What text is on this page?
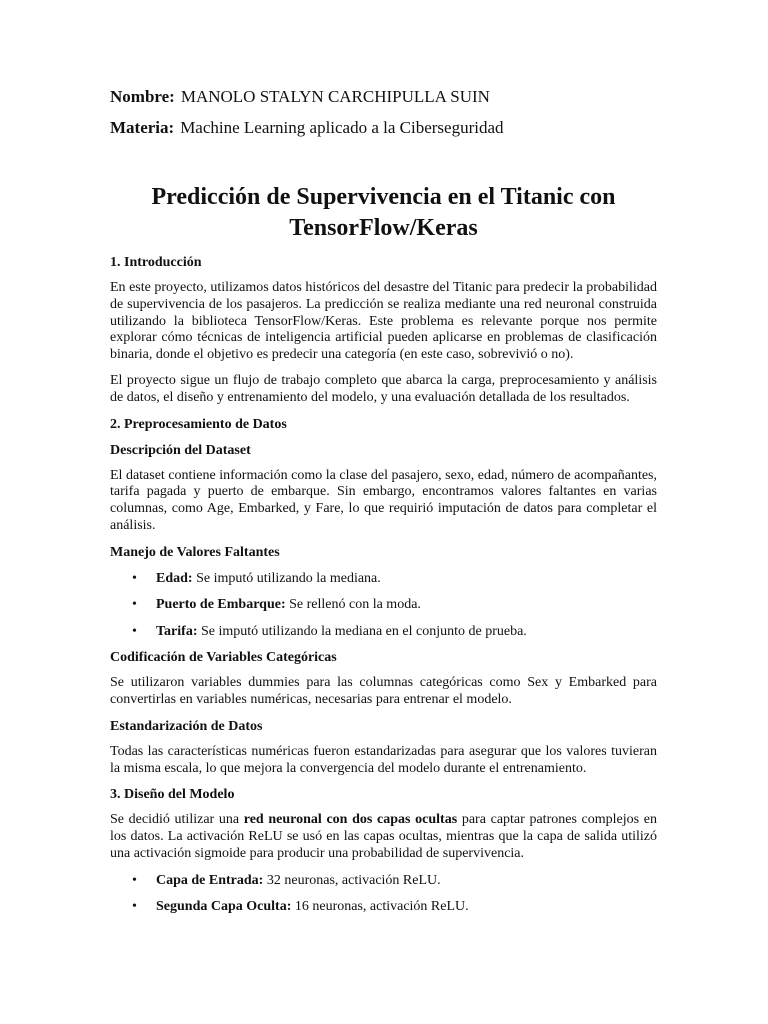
Nombre: MANOLO STALYN CARCHIPULLA SUIN
Materia: Machine Learning aplicado a la Ciberseguridad
Predicción de Supervivencia en el Titanic con TensorFlow/Keras
1. Introducción

En este proyecto, utilizamos datos históricos del desastre del Titanic para predecir la probabilidad de supervivencia de los pasajeros. La predicción se realiza mediante una red neuronal construida utilizando la biblioteca TensorFlow/Keras. Este problema es relevante porque nos permite explorar cómo técnicas de inteligencia artificial pueden aplicarse en problemas de clasificación binaria, donde el objetivo es predecir una categoría (en este caso, sobrevivió o no).

El proyecto sigue un flujo de trabajo completo que abarca la carga, preprocesamiento y análisis de datos, el diseño y entrenamiento del modelo, y una evaluación detallada de los resultados.

2. Preprocesamiento de Datos
Descripción del Dataset

El dataset contiene información como la clase del pasajero, sexo, edad, número de acompañantes, tarifa pagada y puerto de embarque. Sin embargo, encontramos valores faltantes en varias columnas, como Age, Embarked, y Fare, lo que requirió imputación de datos para completar el análisis.

Manejo de Valores Faltantes
• Edad: Se imputó utilizando la mediana.
• Puerto de Embarque: Se rellenó con la moda.
• Tarifa: Se imputó utilizando la mediana en el conjunto de prueba.
Codificación de Variables Categóricas

Se utilizaron variables dummies para las columnas categóricas como Sex y Embarked para convertirlas en variables numéricas, necesarias para entrenar el modelo.

Estandarización de Datos

Todas las características numéricas fueron estandarizadas para asegurar que los valores tuvieran la misma escala, lo que mejora la convergencia del modelo durante el entrenamiento.

3. Diseño del Modelo

Se decidió utilizar una red neuronal con dos capas ocultas para captar patrones complejos en los datos. La activación ReLU se usó en las capas ocultas, mientras que la capa de salida utilizó una activación sigmoide para producir una probabilidad de supervivencia.

• Capa de Entrada: 32 neuronas, activación ReLU.
• Segunda Capa Oculta: 16 neuronas, activación ReLU.
